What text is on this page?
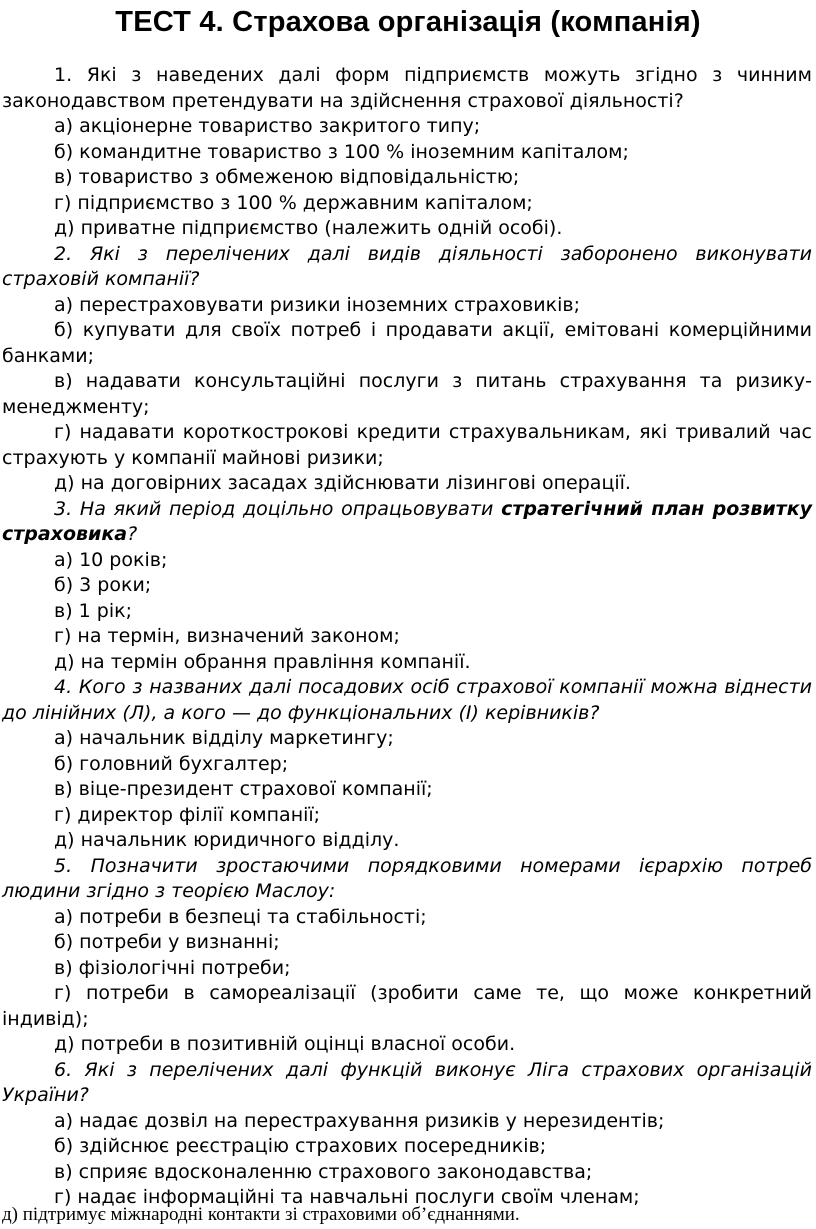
ТЕСТ 4. Страхова організація (компанія)

1. Які з наведених далі форм підприємств можуть згідно з чинним законодавством претендувати на здійснення страхової діяльності?

а) акціонерне товариство закритого типу;

б) командитне товариство з 100 % іноземним капіталом;

в) товариство з обмеженою відповідальністю;

г) підприємство з 100 % державним капіталом;

д) приватне підприємство (належить одній особі).

2. Які з перелічених далі видів діяльності заборонено виконувати страховій компанії?

а) перестраховувати ризики іноземних страховиків;

б) купувати для своїх потреб і продавати акції, емітовані комерційними банками;

в) надавати консультаційні послуги з питань страхування та ризику-менеджменту;

г) надавати короткострокові кредити страхувальникам, які тривалий час страхують у компанії майнові ризики;

д) на договірних засадах здійснювати лізингові операції.

3. На який період доцільно опрацьовувати стратегічний план розвитку страховика?

а) 10 років;

б) 3 роки;

в) 1 рік;

г) на термін, визначений законом;

д) на термін обрання правління компанії.

4. Кого з названих далі посадових осіб страхової компанії можна віднести до лінійних (Л), а кого — до функціональних (І) керівників?

а) начальник відділу маркетингу;

б) головний бухгалтер;

в) віце-президент страхової компанії;

г) директор філії компанії;

д) начальник юридичного відділу.

5. Позначити зростаючими порядковими номерами ієрархію потреб людини згідно з теорією Маслоу:

а) потреби в безпеці та стабільності;

б) потреби у визнанні;

в) фізіологічні потреби;

г) потреби в самореалізації (зробити саме те, що може конкретний індивід);

д) потреби в позитивній оцінці власної особи.

6. Які з перелічених далі функцій виконує Ліга страхових організацій України?

а) надає дозвіл на перестрахування ризиків у нерезидентів;

б) здійснює реєстрацію страхових посередників;

в) сприяє вдосконаленню страхового законодавства;

г) надає інформаційні та навчальні послуги своїм членам;

д) підтримує міжнародні контакти зі страховими об’єднаннями.
